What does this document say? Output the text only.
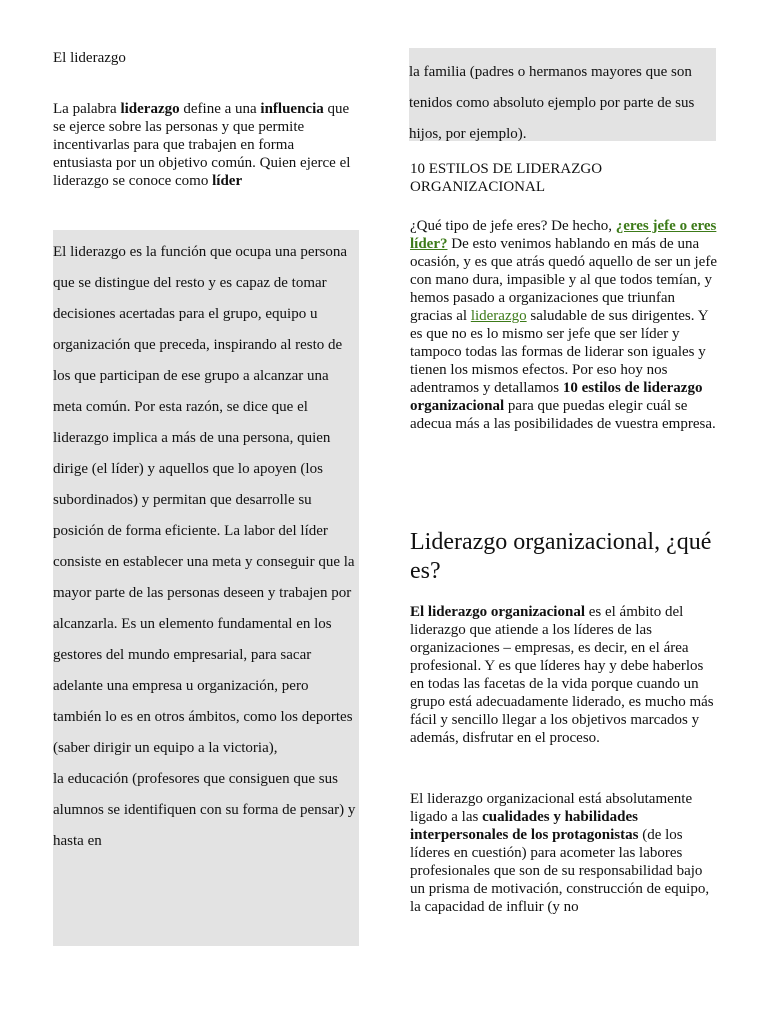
El liderazgo

La palabra liderazgo define a una influencia que se ejerce sobre las personas y que permite incentivarlas para que trabajen en forma entusiasta por un objetivo común. Quien ejerce el liderazgo se conoce como líder

El liderazgo es la función que ocupa una persona que se distingue del resto y es capaz de tomar decisiones acertadas para el grupo, equipo u organización que preceda, inspirando al resto de los que participan de ese grupo a alcanzar una meta común. Por esta razón, se dice que el liderazgo implica a más de una persona, quien dirige (el líder) y aquellos que lo apoyen (los subordinados) y permitan que desarrolle su posición de forma eficiente. La labor del líder consiste en establecer una meta y conseguir que la mayor parte de las personas deseen y trabajen por alcanzarla. Es un elemento fundamental en los gestores del mundo empresarial, para sacar adelante una empresa u organización, pero también lo es en otros ámbitos, como los deportes (saber dirigir un equipo a la victoria),

la educación (profesores que consiguen que sus alumnos se identifiquen con su forma de pensar) y hasta en

la familia (padres o hermanos mayores que son tenidos como absoluto ejemplo por parte de sus hijos, por ejemplo).

10 ESTILOS DE LIDERAZGO ORGANIZACIONAL

¿Qué tipo de jefe eres? De hecho, ¿eres jefe o eres líder? De esto venimos hablando en más de una ocasión, y es que atrás quedó aquello de ser un jefe con mano dura, impasible y al que todos temían, y hemos pasado a organizaciones que triunfan gracias al liderazgo saludable de sus dirigentes. Y es que no es lo mismo ser jefe que ser líder y tampoco todas las formas de liderar son iguales y tienen los mismos efectos. Por eso hoy nos adentramos y detallamos 10 estilos de liderazgo organizacional para que puedas elegir cuál se adecua más a las posibilidades de vuestra empresa.

Liderazgo organizacional, ¿qué es?

El liderazgo organizacional es el ámbito del liderazgo que atiende a los líderes de las organizaciones – empresas, es decir, en el área profesional. Y es que líderes hay y debe haberlos en todas las facetas de la vida porque cuando un grupo está adecuadamente liderado, es mucho más fácil y sencillo llegar a los objetivos marcados y además, disfrutar en el proceso.

El liderazgo organizacional está absolutamente ligado a las cualidades y habilidades interpersonales de los protagonistas (de los líderes en cuestión) para acometer las labores profesionales que son de su responsabilidad bajo un prisma de motivación, construcción de equipo, la capacidad de influir (y no
